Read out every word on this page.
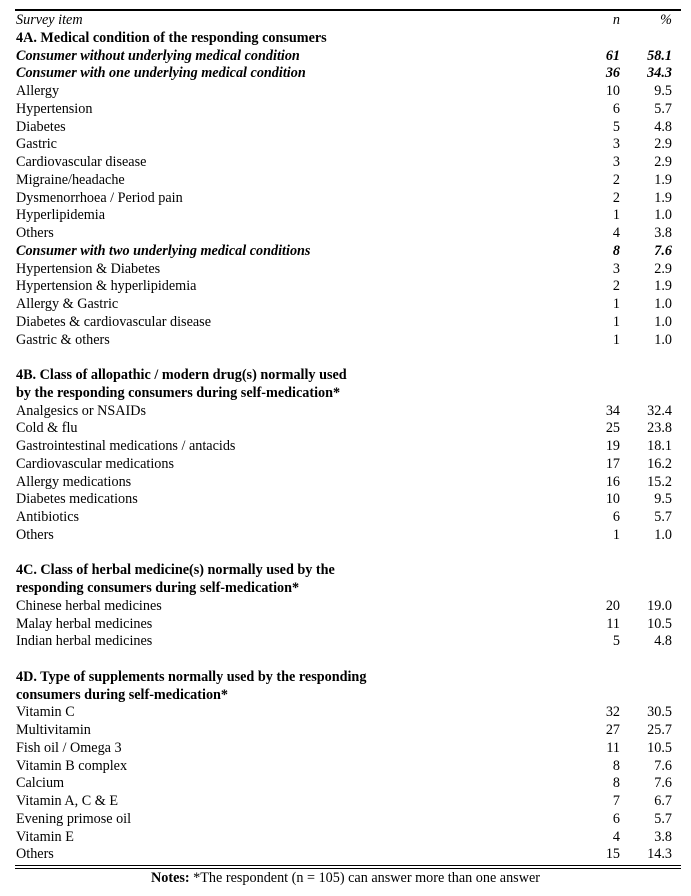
Survey item	n	%
4A. Medical condition of the responding consumers		
Consumer without underlying medical condition	61	58.1
Consumer with one underlying medical condition	36	34.3
Allergy	10	9.5
Hypertension	6	5.7
Diabetes	5	4.8
Gastric	3	2.9
Cardiovascular disease	3	2.9
Migraine/headache	2	1.9
Dysmenorrhoea / Period pain	2	1.9
Hyperlipidemia	1	1.0
Others	4	3.8
Consumer with two underlying medical conditions	8	7.6
Hypertension & Diabetes	3	2.9
Hypertension & hyperlipidemia	2	1.9
Allergy & Gastric	1	1.0
Diabetes & cardiovascular disease	1	1.0
Gastric & others	1	1.0

4B. Class of allopathic / modern drug(s) normally used		
by the responding consumers during self-medication*		
Analgesics or NSAIDs	34	32.4
Cold & flu	25	23.8
Gastrointestinal medications / antacids	19	18.1
Cardiovascular medications	17	16.2
Allergy medications	16	15.2
Diabetes medications	10	9.5
Antibiotics	6	5.7
Others	1	1.0

4C. Class of herbal medicine(s) normally used by the		
responding consumers during self-medication*		
Chinese herbal medicines	20	19.0
Malay herbal medicines	11	10.5
Indian herbal medicines	5	4.8

4D. Type of supplements normally used by the responding		
consumers during self-medication*		
Vitamin C	32	30.5
Multivitamin	27	25.7
Fish oil / Omega 3	11	10.5
Vitamin B complex	8	7.6
Calcium	8	7.6
Vitamin A, C & E	7	6.7
Evening primose oil	6	5.7
Vitamin E	4	3.8
Others	15	14.3
Notes: *The respondent (n = 105) can answer more than one answer
